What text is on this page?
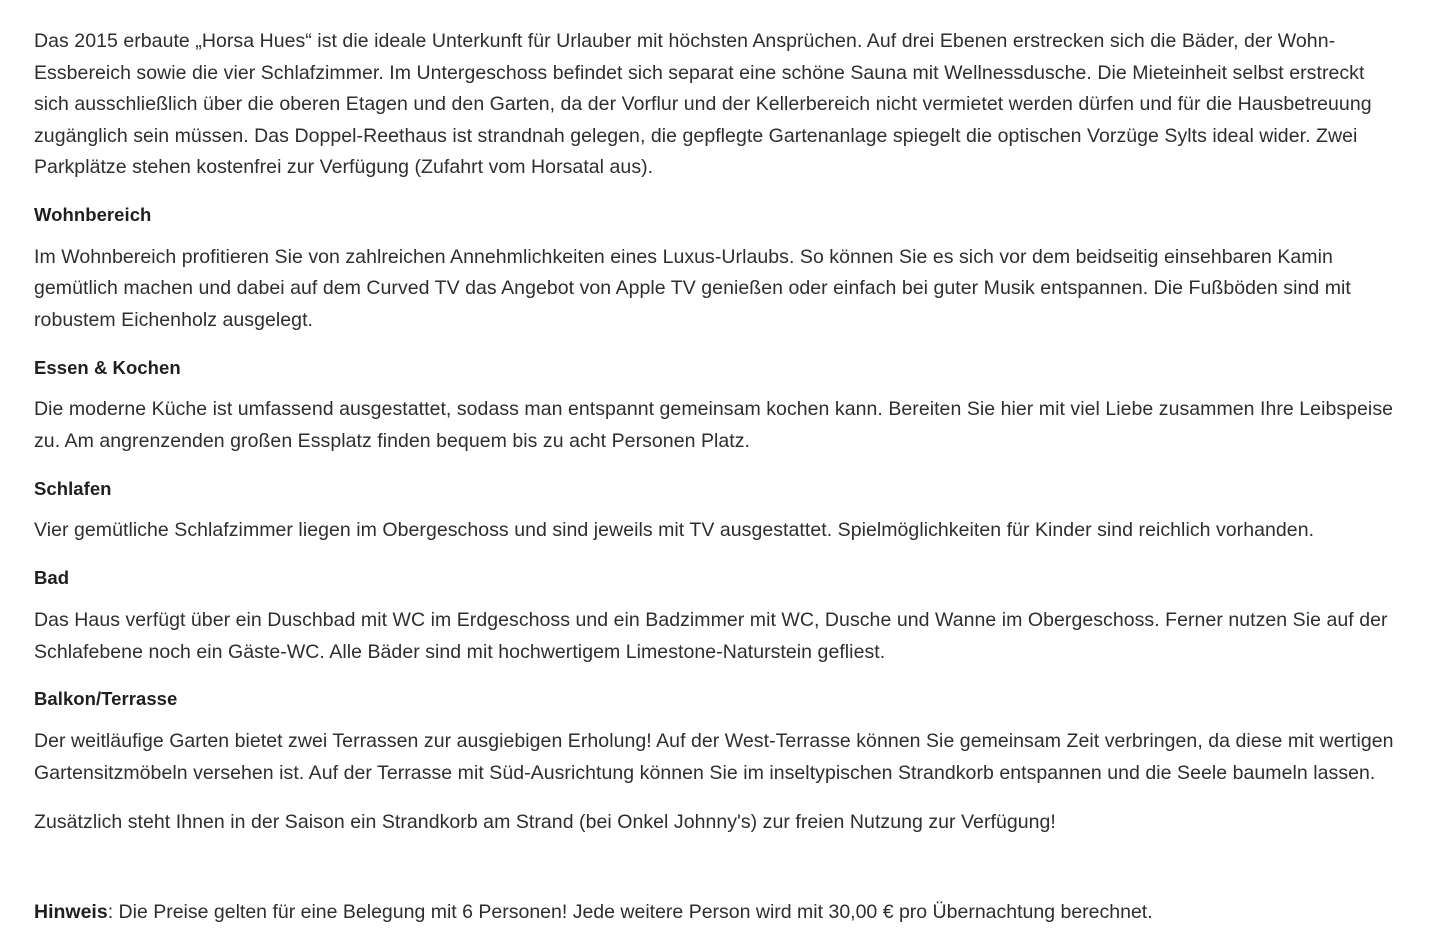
Das 2015 erbaute „Horsa Hues“ ist die ideale Unterkunft für Urlauber mit höchsten Ansprüchen. Auf drei Ebenen erstrecken sich die Bäder, der Wohn-Essbereich sowie die vier Schlafzimmer. Im Untergeschoss befindet sich separat eine schöne Sauna mit Wellnessdusche. Die Mieteinheit selbst erstreckt sich ausschließlich über die oberen Etagen und den Garten, da der Vorflur und der Kellerbereich nicht vermietet werden dürfen und für die Hausbetreuung zugänglich sein müssen. Das Doppel-Reethaus ist strandnah gelegen, die gepflegte Gartenanlage spiegelt die optischen Vorzüge Sylts ideal wider. Zwei Parkplätze stehen kostenfrei zur Verfügung (Zufahrt vom Horsatal aus).

Wohnbereich

Im Wohnbereich profitieren Sie von zahlreichen Annehmlichkeiten eines Luxus-Urlaubs. So können Sie es sich vor dem beidseitig einsehbaren Kamin gemütlich machen und dabei auf dem Curved TV das Angebot von Apple TV genießen oder einfach bei guter Musik entspannen. Die Fußböden sind mit robustem Eichenholz ausgelegt.

Essen & Kochen

Die moderne Küche ist umfassend ausgestattet, sodass man entspannt gemeinsam kochen kann. Bereiten Sie hier mit viel Liebe zusammen Ihre Leibspeise zu. Am angrenzenden großen Essplatz finden bequem bis zu acht Personen Platz.

Schlafen

Vier gemütliche Schlafzimmer liegen im Obergeschoss und sind jeweils mit TV ausgestattet. Spielmöglichkeiten für Kinder sind reichlich vorhanden.

Bad

Das Haus verfügt über ein Duschbad mit WC im Erdgeschoss und ein Badzimmer mit WC, Dusche und Wanne im Obergeschoss. Ferner nutzen Sie auf der Schlafebene noch ein Gäste-WC. Alle Bäder sind mit hochwertigem Limestone-Naturstein gefliest.

Balkon/Terrasse

Der weitläufige Garten bietet zwei Terrassen zur ausgiebigen Erholung! Auf der West-Terrasse können Sie gemeinsam Zeit verbringen, da diese mit wertigen Gartensitzmöbeln versehen ist. Auf der Terrasse mit Süd-Ausrichtung können Sie im inseltypischen Strandkorb entspannen und die Seele baumeln lassen.

Zusätzlich steht Ihnen in der Saison ein Strandkorb am Strand (bei Onkel Johnny's) zur freien Nutzung zur Verfügung!

Hinweis: Die Preise gelten für eine Belegung mit 6 Personen! Jede weitere Person wird mit 30,00 € pro Übernachtung berechnet.
